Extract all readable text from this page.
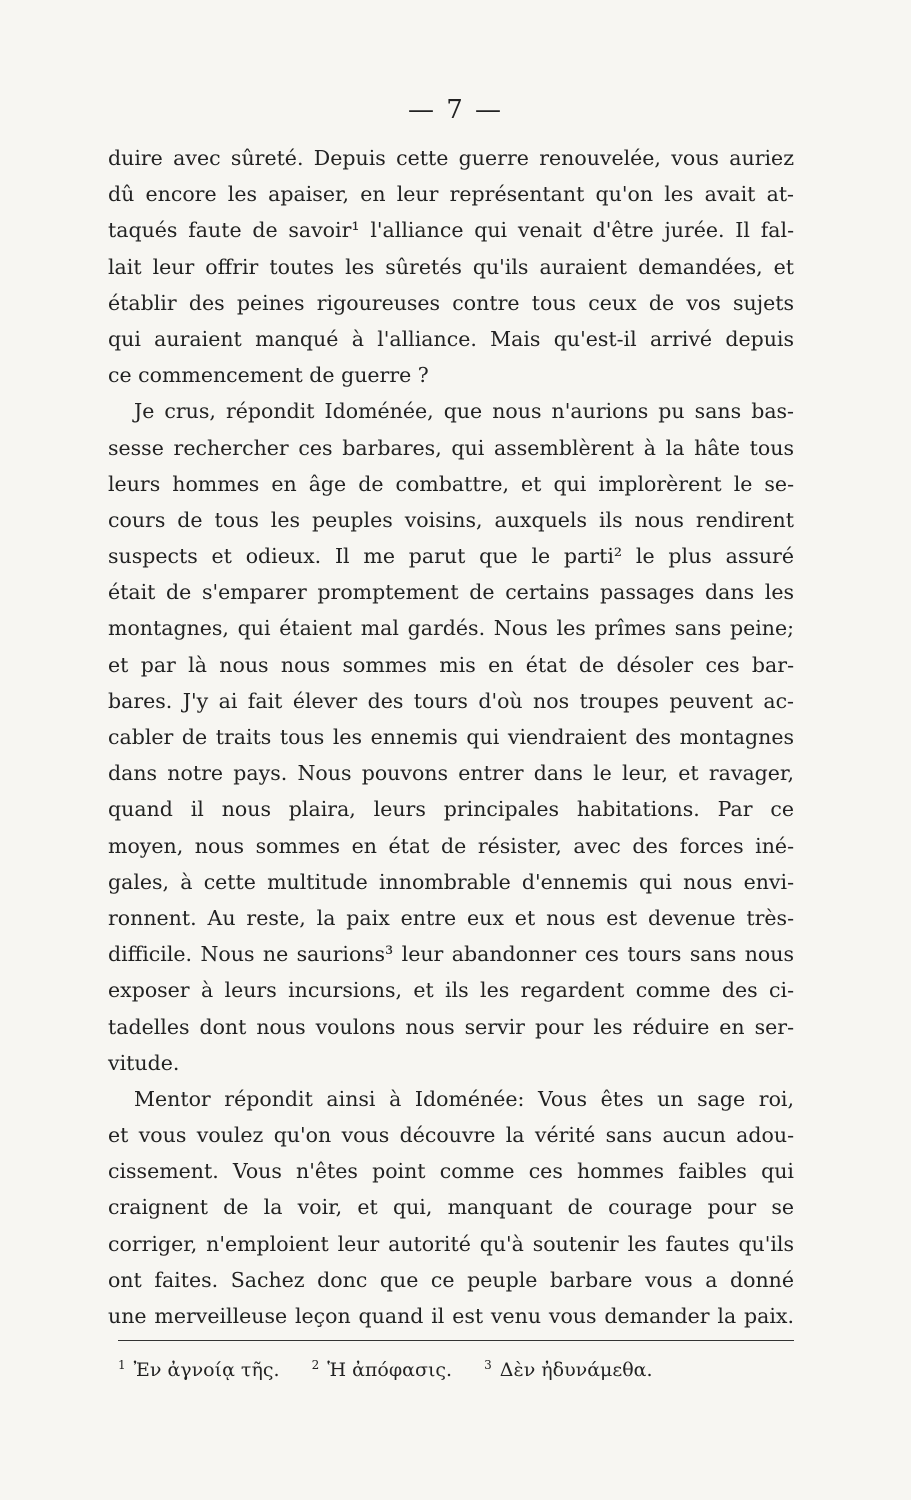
— 7 —
duire avec sûreté. Depuis cette guerre renouvelée, vous auriez
dû encore les apaiser, en leur représentant qu'on les avait at-
taqués faute de savoir¹ l'alliance qui venait d'être jurée. Il fal-
lait leur offrir toutes les sûretés qu'ils auraient demandées, et
établir des peines rigoureuses contre tous ceux de vos sujets
qui auraient manqué à l'alliance. Mais qu'est-il arrivé depuis
ce commencement de guerre ?
Je crus, répondit Idoménée, que nous n'aurions pu sans bas-
sesse rechercher ces barbares, qui assemblèrent à la hâte tous
leurs hommes en âge de combattre, et qui implorèrent le se-
cours de tous les peuples voisins, auxquels ils nous rendirent
suspects et odieux. Il me parut que le parti² le plus assuré
était de s'emparer promptement de certains passages dans les
montagnes, qui étaient mal gardés. Nous les prîmes sans peine;
et par là nous nous sommes mis en état de désoler ces bar-
bares. J'y ai fait élever des tours d'où nos troupes peuvent ac-
cabler de traits tous les ennemis qui viendraient des montagnes
dans notre pays. Nous pouvons entrer dans le leur, et ravager,
quand il nous plaira, leurs principales habitations. Par ce
moyen, nous sommes en état de résister, avec des forces iné-
gales, à cette multitude innombrable d'ennemis qui nous envi-
ronnent. Au reste, la paix entre eux et nous est devenue très-
difficile. Nous ne saurions³ leur abandonner ces tours sans nous
exposer à leurs incursions, et ils les regardent comme des ci-
tadelles dont nous voulons nous servir pour les réduire en ser-
vitude.
Mentor répondit ainsi à Idoménée: Vous êtes un sage roi,
et vous voulez qu'on vous découvre la vérité sans aucun adou-
cissement. Vous n'êtes point comme ces hommes faibles qui
craignent de la voir, et qui, manquant de courage pour se
corriger, n'emploient leur autorité qu'à soutenir les fautes qu'ils
ont faites. Sachez donc que ce peuple barbare vous a donné
une merveilleuse leçon quand il est venu vous demander la paix.
$^1$ Ἐν ἀγνοίᾳ τῆς.	$^2$ Ἡ ἀπόφασις.	$^3$ Δὲν ἠδυνάμεθα.
